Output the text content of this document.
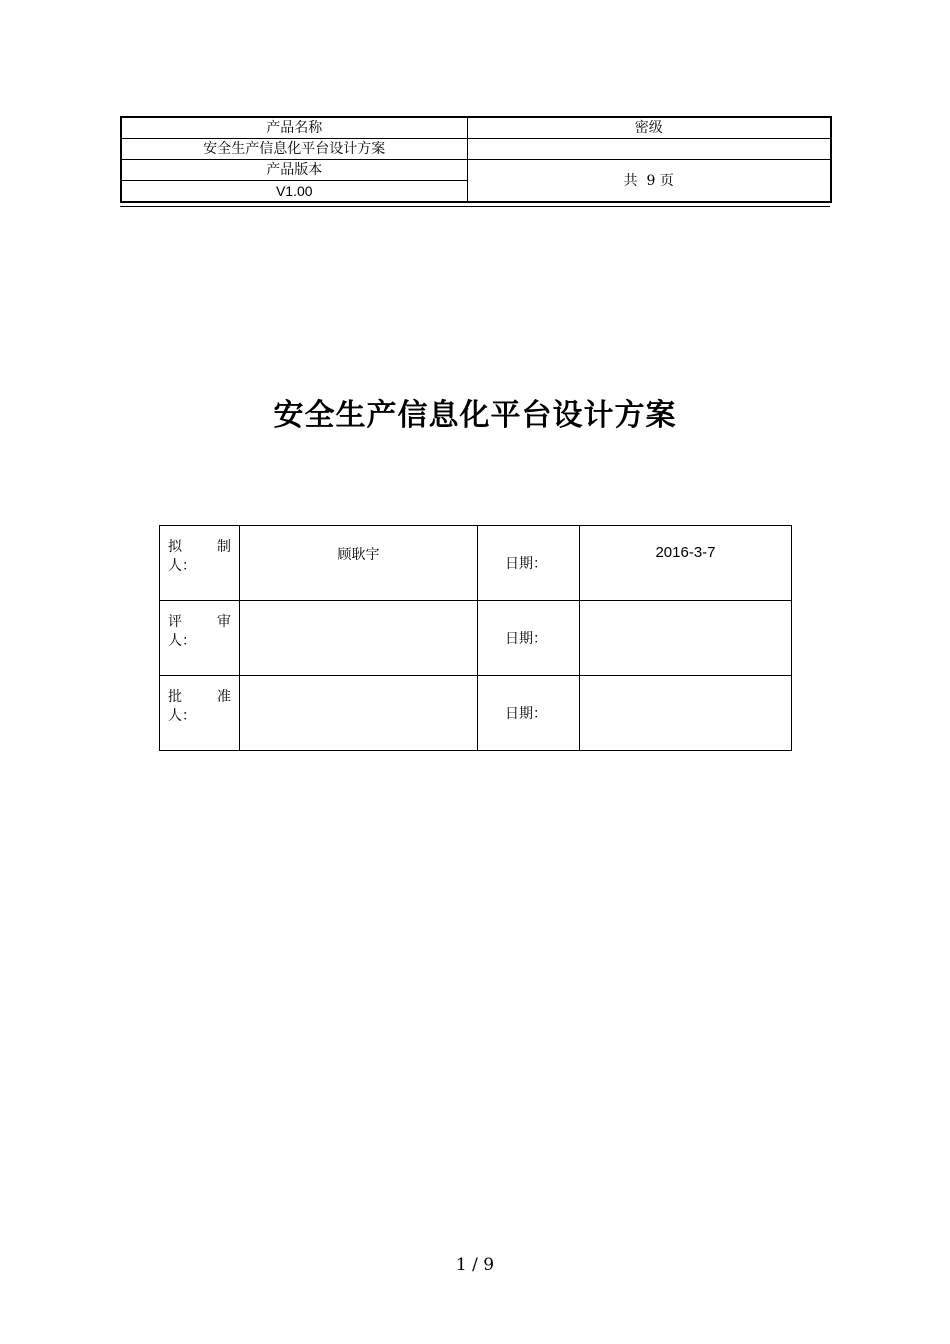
产品名称	密级
安全生产信息化平台设计方案	
产品版本	共  9 页
V1.00	
安全生产信息化平台设计方案
拟 制
人：	顾耿宇	日期：	2016-3-7

评 审
人：		日期：	

批 准
人：		日期：	
1 / 9
